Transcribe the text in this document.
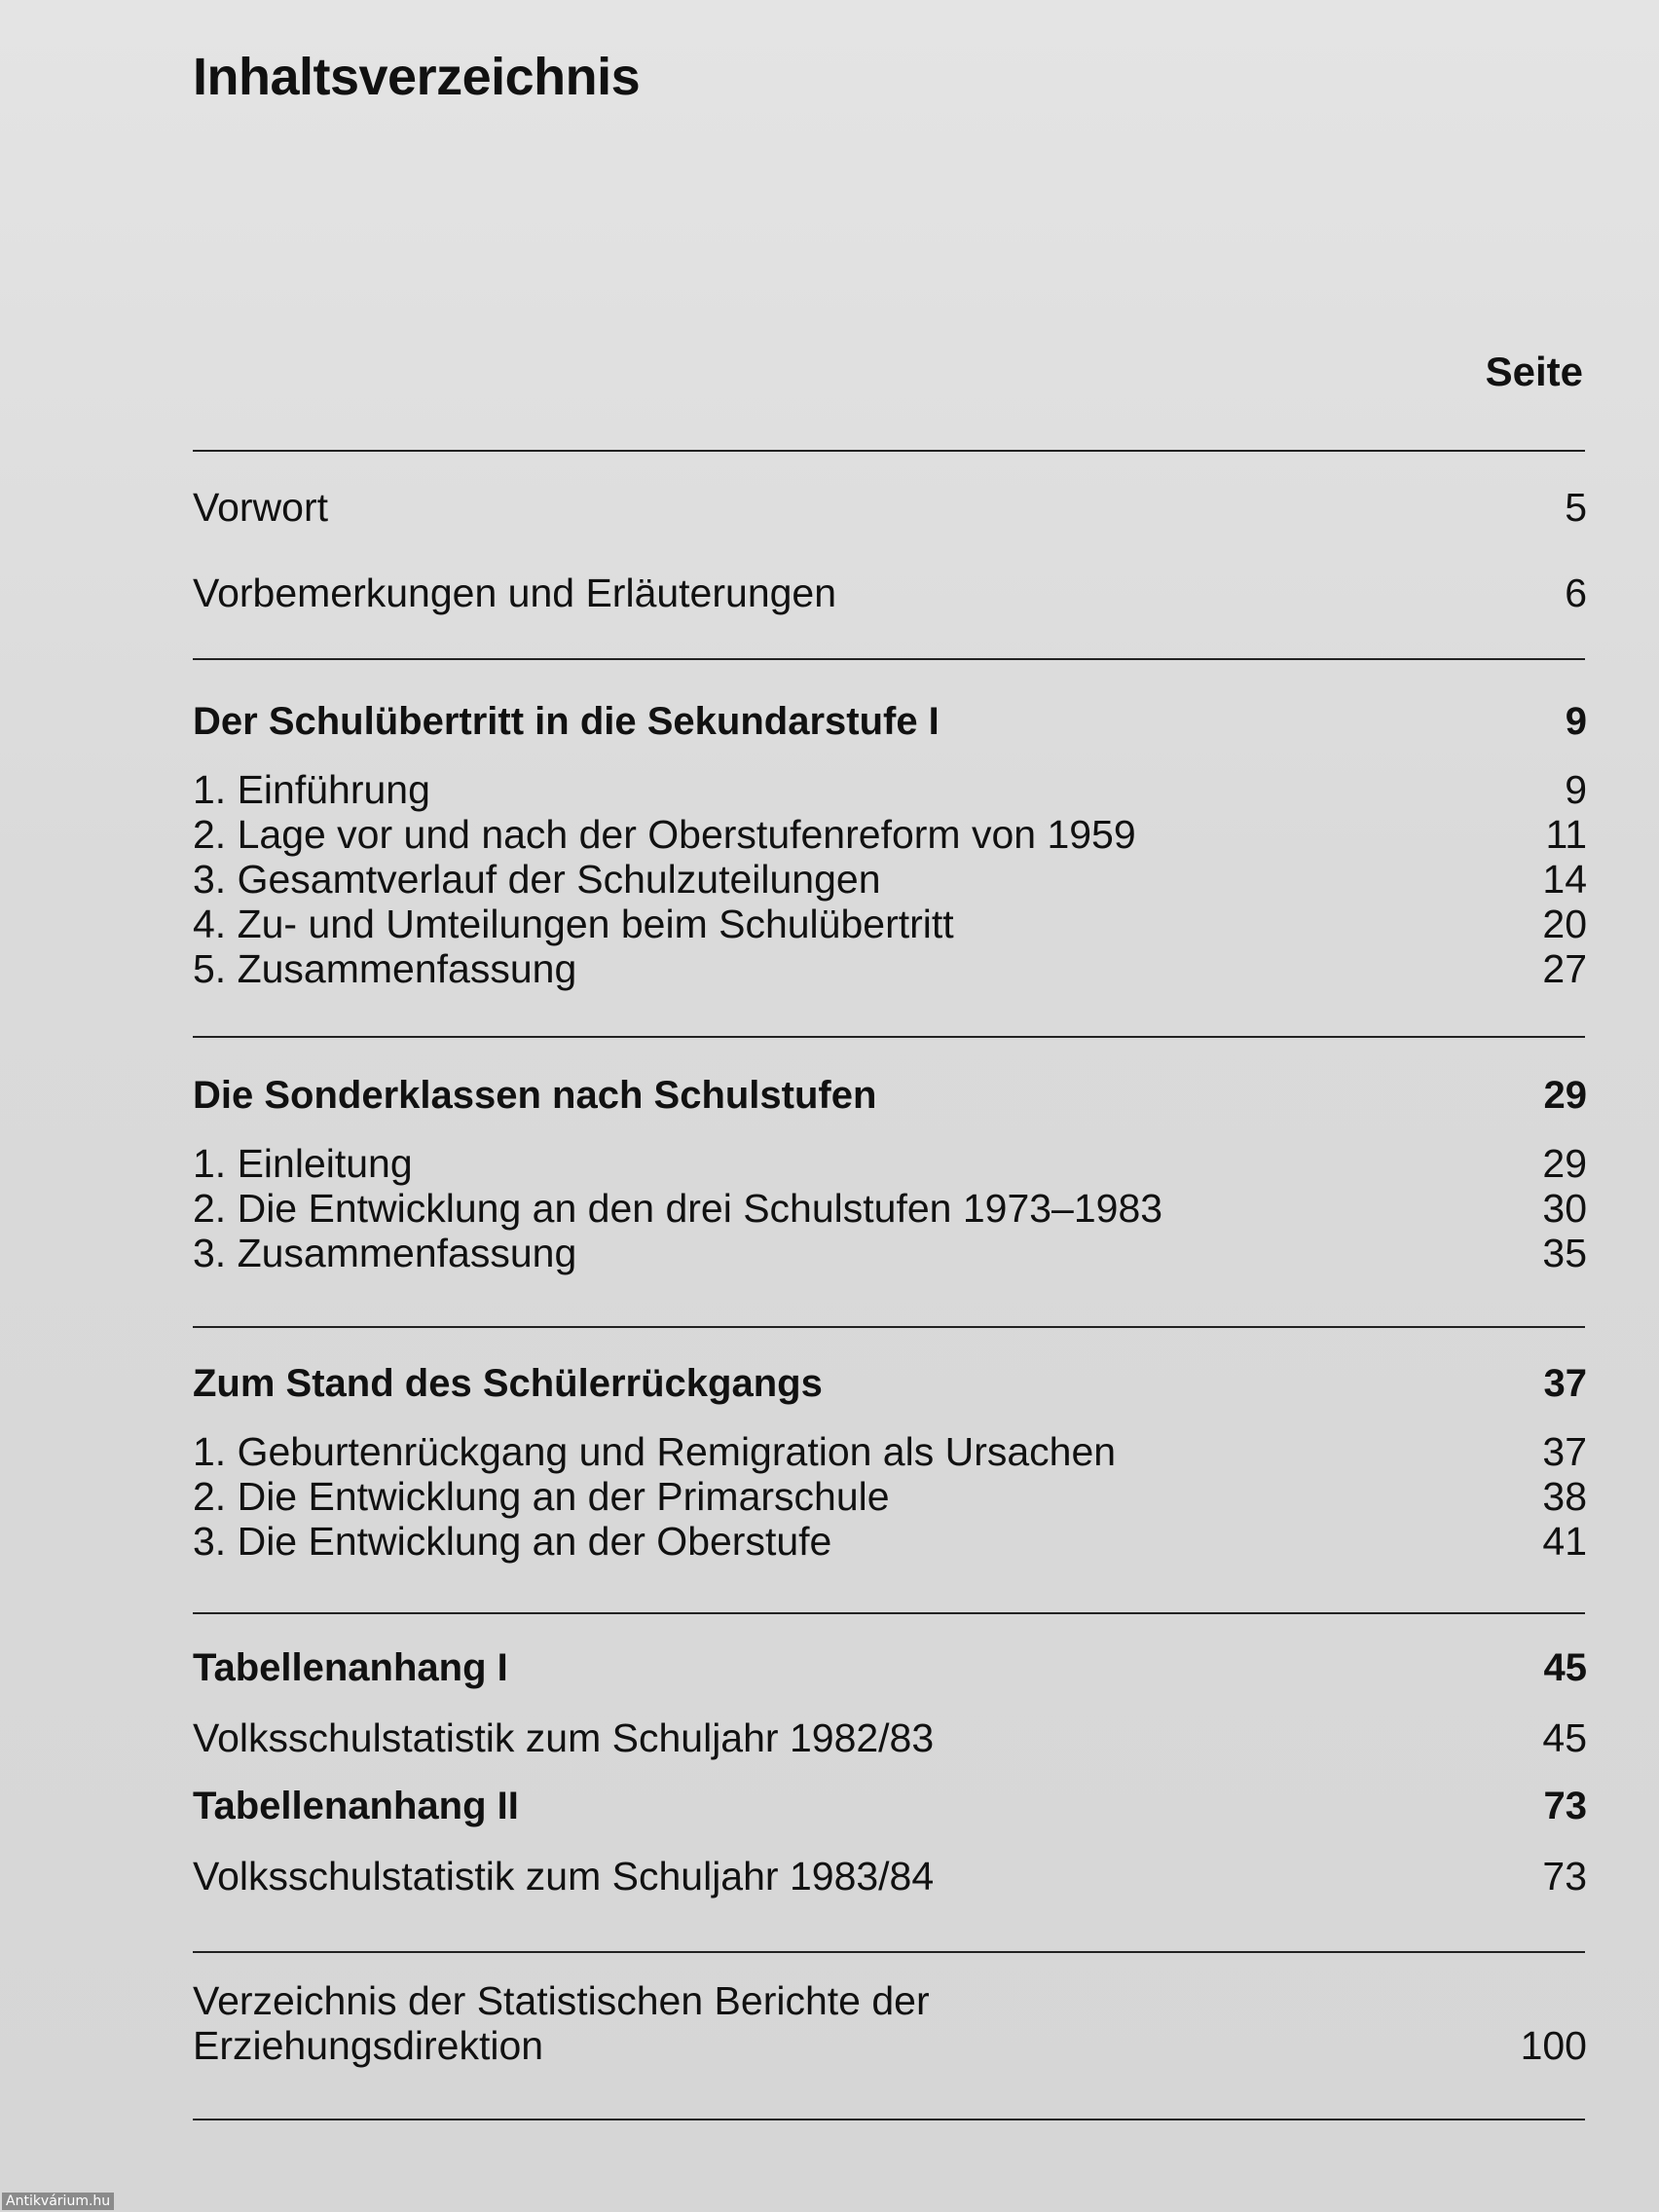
Inhaltsverzeichnis
Seite
Vorwort	5
Vorbemerkungen und Erläuterungen	6
Der Schulübertritt in die Sekundarstufe I	9
1. Einführung	9
2. Lage vor und nach der Oberstufenreform von 1959	11
3. Gesamtverlauf der Schulzuteilungen	14
4. Zu- und Umteilungen beim Schulübertritt	20
5. Zusammenfassung	27
Die Sonderklassen nach Schulstufen	29
1. Einleitung	29
2. Die Entwicklung an den drei Schulstufen 1973–1983	30
3. Zusammenfassung	35
Zum Stand des Schülerrückgangs	37
1. Geburtenrückgang und Remigration als Ursachen	37
2. Die Entwicklung an der Primarschule	38
3. Die Entwicklung an der Oberstufe	41
Tabellenanhang I	45
Volksschulstatistik zum Schuljahr 1982/83	45
Tabellenanhang II	73
Volksschulstatistik zum Schuljahr 1983/84	73
Verzeichnis der Statistischen Berichte der
Erziehungsdirektion	100
Antikvárium.hu
